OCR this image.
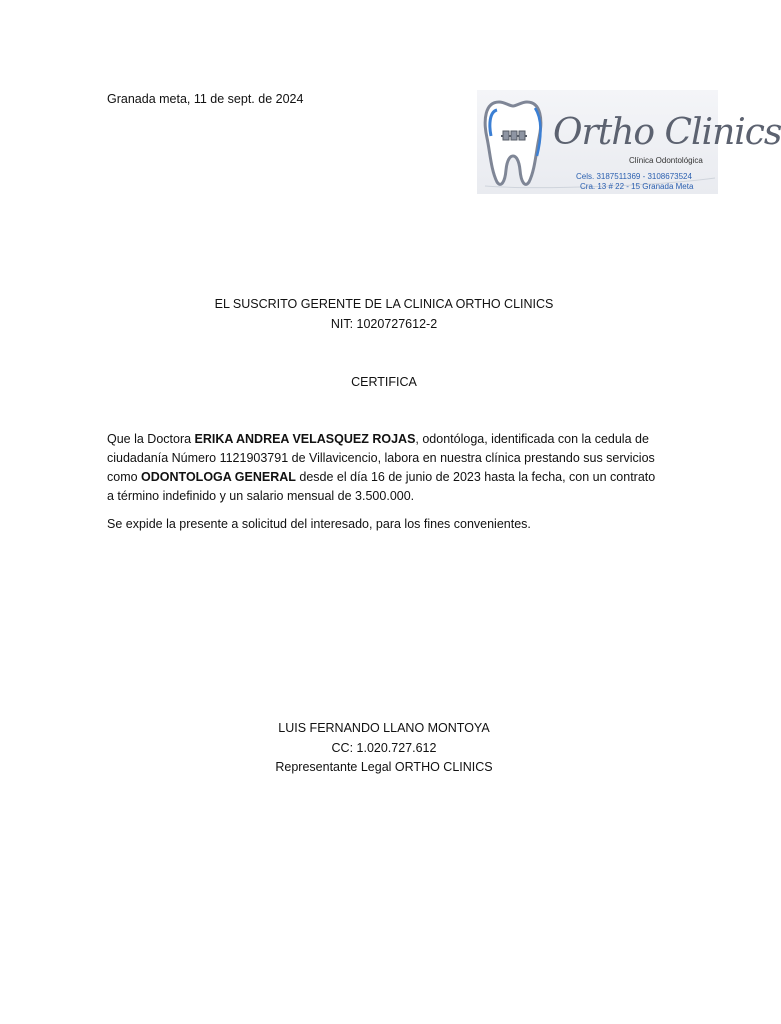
Granada meta, 11 de sept. de 2024
Ortho Clinics
Clínica Odontológica
Cels. 3187511369 - 3108673524
Cra. 13 # 22 - 15 Granada Meta
EL SUSCRITO GERENTE DE LA CLINICA ORTHO CLINICS
NIT: 1020727612-2
CERTIFICA
Que la Doctora ERIKA ANDREA VELASQUEZ ROJAS, odontóloga, identificada con la cedula de ciudadanía Número 1121903791 de Villavicencio, labora en nuestra clínica prestando sus servicios como ODONTOLOGA GENERAL desde el día 16 de junio de 2023 hasta la fecha, con un contrato a término indefinido y un salario mensual de 3.500.000.
Se expide la presente a solicitud del interesado, para los fines convenientes.
LUIS FERNANDO LLANO MONTOYA
CC: 1.020.727.612
Representante Legal ORTHO CLINICS
